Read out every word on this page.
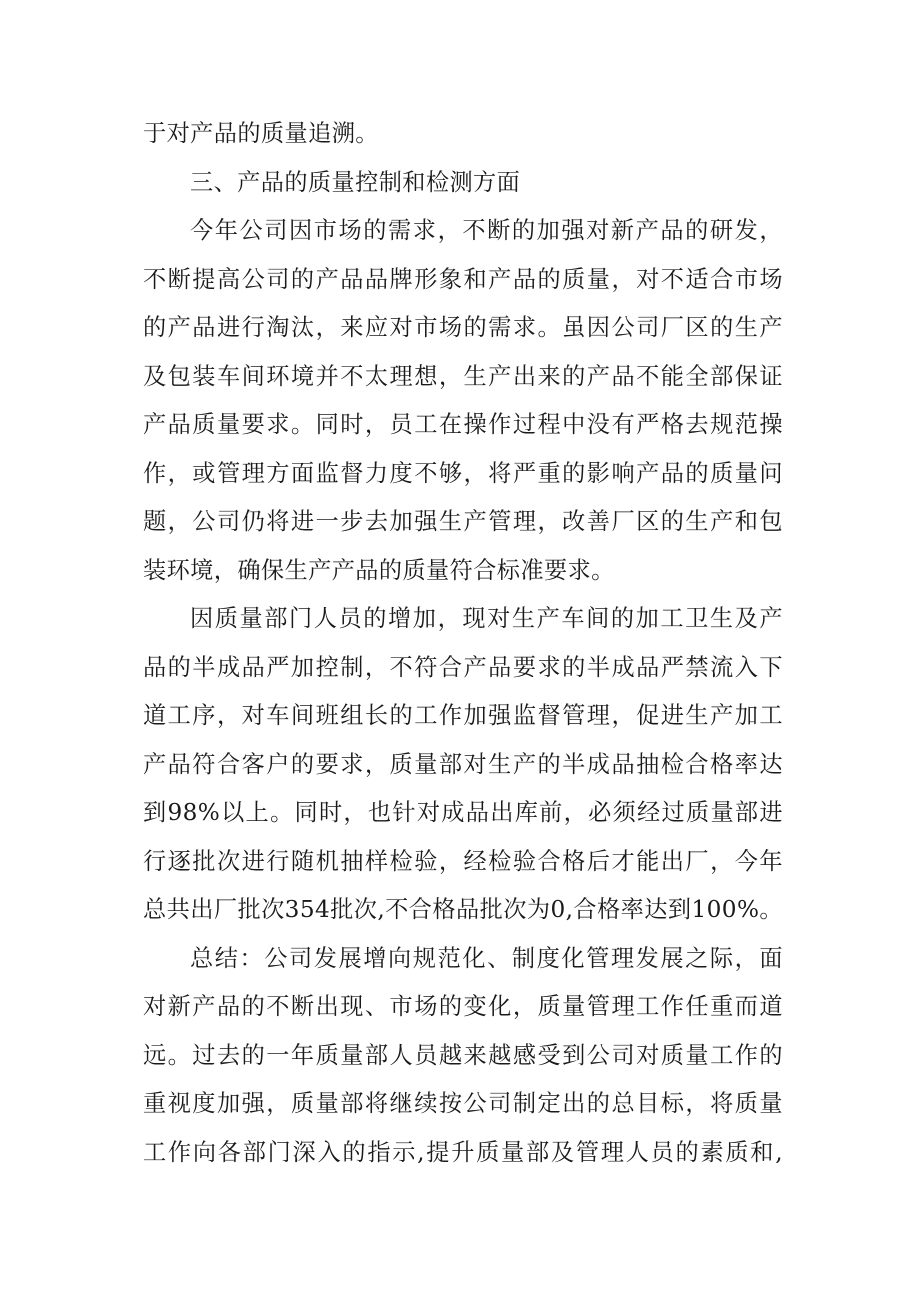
于对产品的质量追溯。
三、产品的质量控制和检测方面
今年公司因市场的需求，不断的加强对新产品的研发，
不断提高公司的产品品牌形象和产品的质量，对不适合市场
的产品进行淘汰，来应对市场的需求。虽因公司厂区的生产
及包装车间环境并不太理想，生产出来的产品不能全部保证
产品质量要求。同时，员工在操作过程中没有严格去规范操
作，或管理方面监督力度不够，将严重的影响产品的质量问
题，公司仍将进一步去加强生产管理，改善厂区的生产和包
装环境，确保生产产品的质量符合标准要求。
因质量部门人员的增加，现对生产车间的加工卫生及产
品的半成品严加控制，不符合产品要求的半成品严禁流入下
道工序，对车间班组长的工作加强监督管理，促进生产加工
产品符合客户的要求，质量部对生产的半成品抽检合格率达
到98%以上。同时，也针对成品出库前，必须经过质量部进
行逐批次进行随机抽样检验，经检验合格后才能出厂，今年
总共出厂批次354批次,不合格品批次为0,合格率达到100%。
总结：公司发展增向规范化、制度化管理发展之际，面
对新产品的不断出现、市场的变化，质量管理工作任重而道
远。过去的一年质量部人员越来越感受到公司对质量工作的
重视度加强，质量部将继续按公司制定出的总目标，将质量
工作向各部门深入的指示,提升质量部及管理人员的素质和,
